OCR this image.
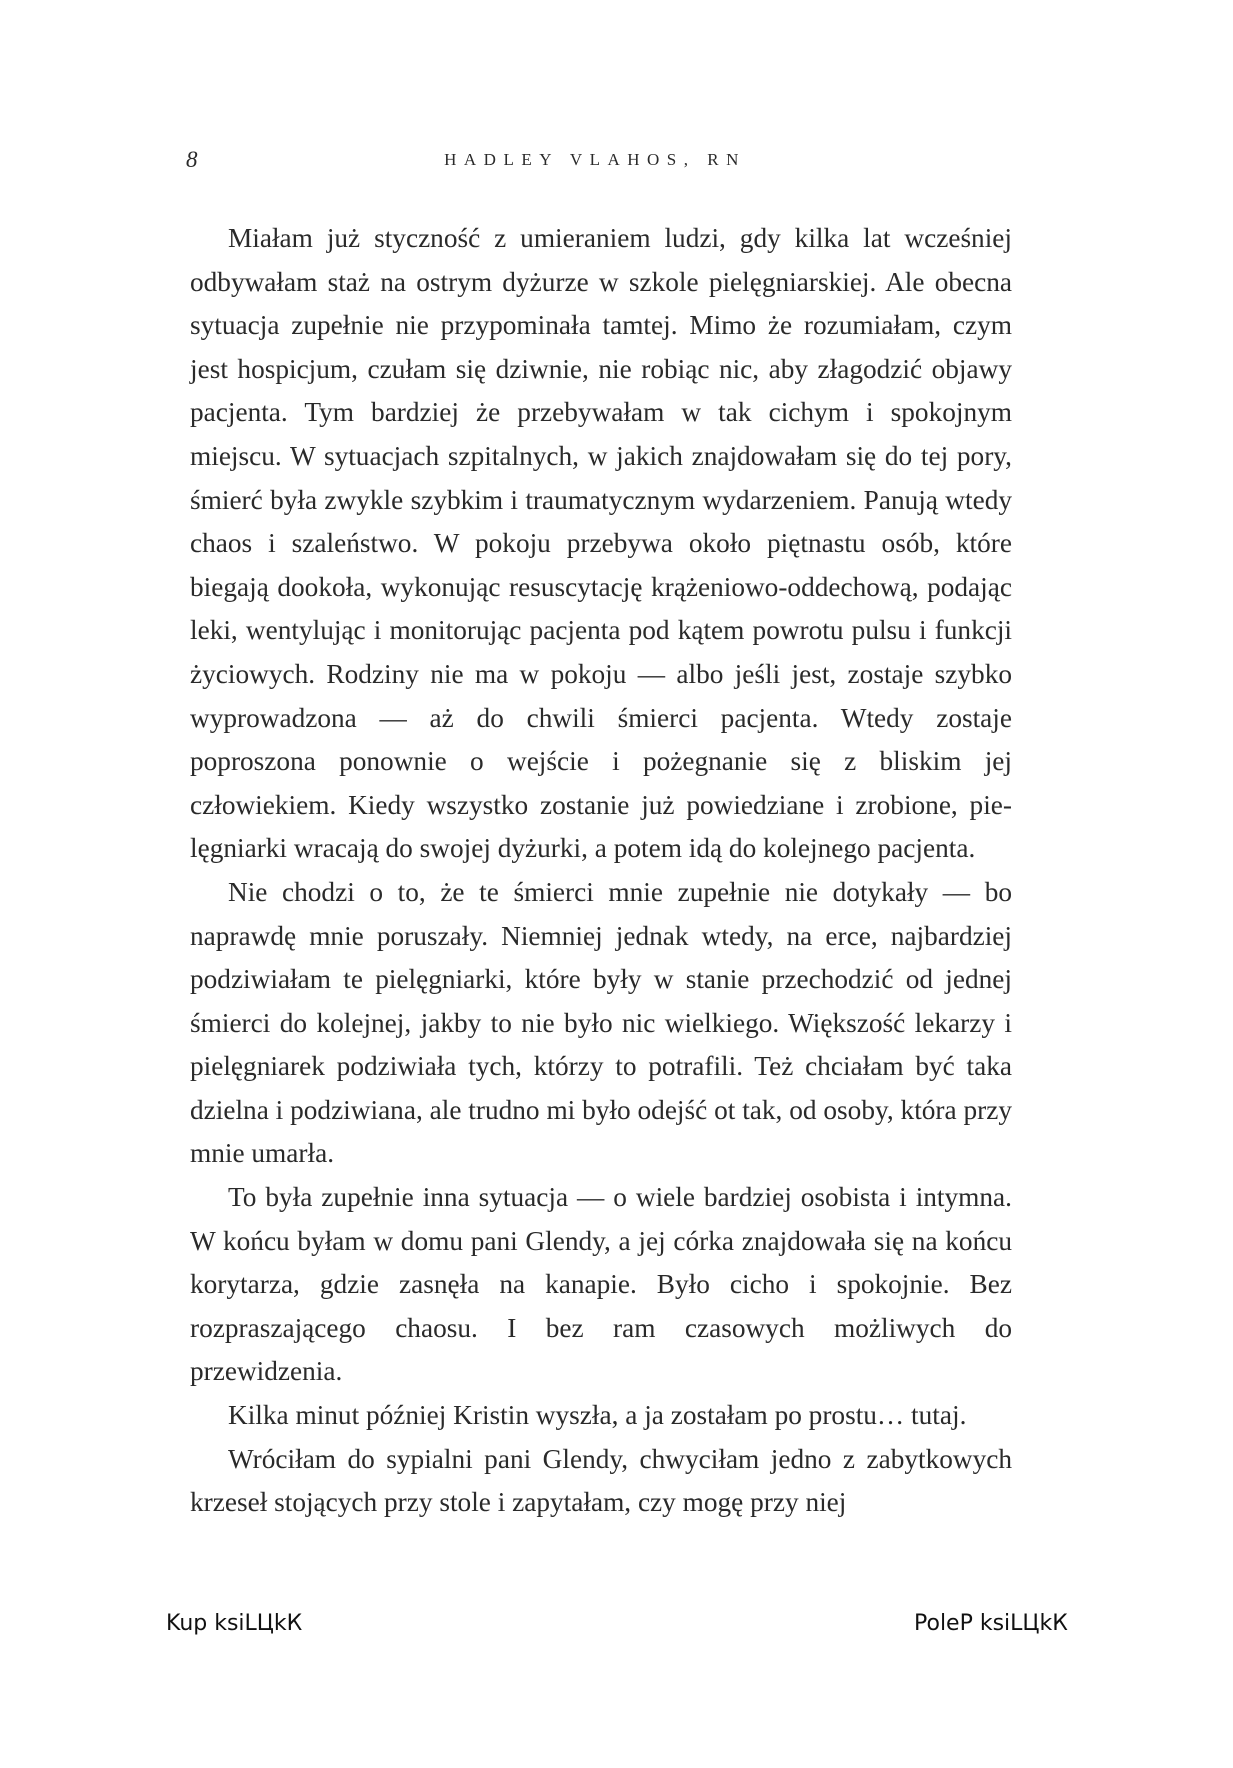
8	HADLEY VLAHOS, RN

Miałam już styczność z umieraniem ludzi, gdy kilka lat wcześniej odbywałam staż na ostrym dyżurze w szkole pielęgniarskiej. Ale obecna sytuacja zupełnie nie przypominała tamtej. Mimo że rozumiałam, czym jest hospicjum, czułam się dziwnie, nie robiąc nic, aby złagodzić objawy pacjenta. Tym bardziej że przebywałam w tak cichym i spokojnym miejscu. W sytuacjach szpitalnych, w jakich znajdowałam się do tej pory, śmierć była zwykle szybkim i traumatycznym wydarzeniem. Panują wtedy chaos i szaleństwo. W pokoju przebywa około piętnastu osób, które biegają dookoła, wykonując resuscytację krążeniowo-oddechową, podając leki, wentylując i monitorując pacjenta pod kątem powrotu pulsu i funkcji życiowych. Rodziny nie ma w pokoju — albo jeśli jest, zostaje szybko wyprowadzona — aż do chwili śmierci pacjenta. Wtedy zostaje poproszona ponownie o wejście i pożegnanie się z bliskim jej człowiekiem. Kiedy wszystko zostanie już powiedziane i zrobione, pielęgniarki wracają do swojej dyżurki, a potem idą do kolejnego pacjenta.

Nie chodzi o to, że te śmierci mnie zupełnie nie dotykały — bo naprawdę mnie poruszały. Niemniej jednak wtedy, na erce, najbardziej podziwiałam te pielęgniarki, które były w stanie przechodzić od jednej śmierci do kolejnej, jakby to nie było nic wielkiego. Większość lekarzy i pielęgniarek podziwiała tych, którzy to potrafili. Też chciałam być taka dzielna i podziwiana, ale trudno mi było odejść ot tak, od osoby, która przy mnie umarła.

To była zupełnie inna sytuacja — o wiele bardziej osobista i intymna. W końcu byłam w domu pani Glendy, a jej córka znajdowała się na końcu korytarza, gdzie zasnęła na kanapie. Było cicho i spokojnie. Bez rozpraszającego chaosu. I bez ram czasowych możliwych do przewidzenia.

Kilka minut później Kristin wyszła, a ja zostałam po prostu… tutaj.

Wróciłam do sypialni pani Glendy, chwyciłam jedno z zabytkowych krzeseł stojących przy stole i zapytałam, czy mogę przy niej

Kup ksiLЦkК	PoleР ksiLЦkК
